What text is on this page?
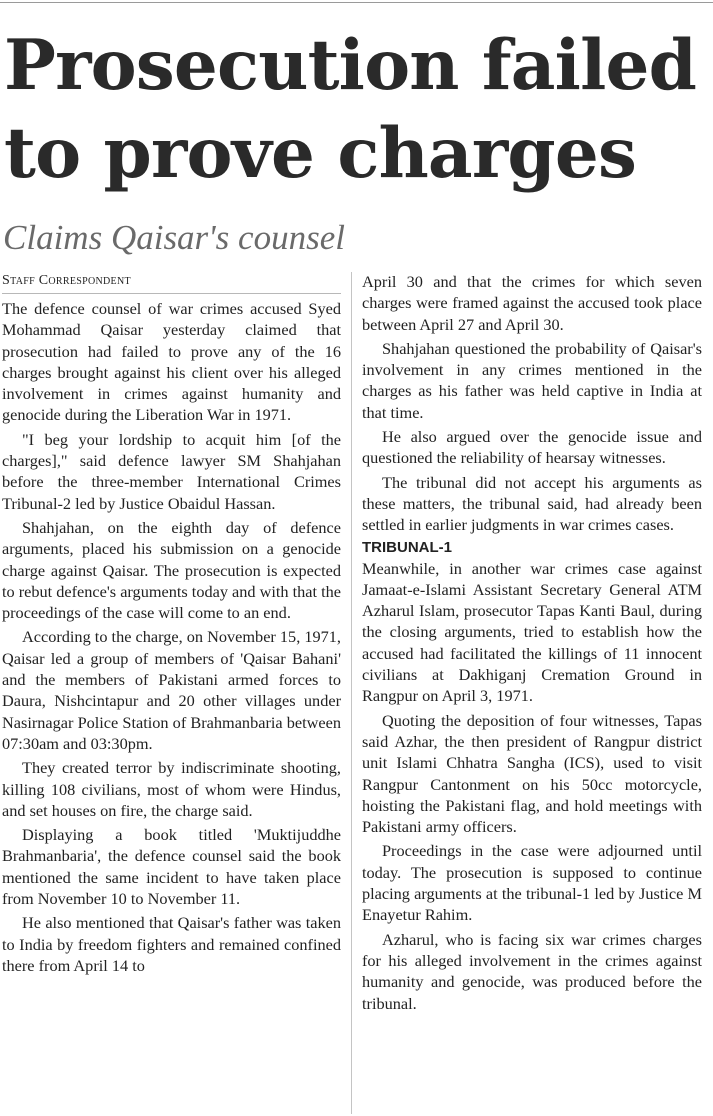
Prosecution failed to prove charges
Claims Qaisar's counsel
Staff Correspondent

The defence counsel of war crimes accused Syed Mohammad Qaisar yesterday claimed that prosecution had failed to prove any of the 16 charges brought against his client over his alleged involvement in crimes against humanity and genocide during the Liberation War in 1971.

"I beg your lordship to acquit him [of the charges]," said defence lawyer SM Shahjahan before the three-member International Crimes Tribunal-2 led by Justice Obaidul Hassan.

Shahjahan, on the eighth day of defence arguments, placed his submission on a genocide charge against Qaisar. The prosecution is expected to rebut defence's arguments today and with that the proceedings of the case will come to an end.

According to the charge, on November 15, 1971, Qaisar led a group of members of 'Qaisar Bahani' and the members of Pakistani armed forces to Daura, Nishcintapur and 20 other villages under Nasirnagar Police Station of Brahmanbaria between 07:30am and 03:30pm.

They created terror by indiscriminate shooting, killing 108 civilians, most of whom were Hindus, and set houses on fire, the charge said.

Displaying a book titled 'Muktijuddhe Brahmanbaria', the defence counsel said the book mentioned the same incident to have taken place from November 10 to November 11.

He also mentioned that Qaisar's father was taken to India by freedom fighters and remained confined there from April 14 to

April 30 and that the crimes for which seven charges were framed against the accused took place between April 27 and April 30.

Shahjahan questioned the probability of Qaisar's involvement in any crimes mentioned in the charges as his father was held captive in India at that time.

He also argued over the genocide issue and questioned the reliability of hearsay witnesses.

The tribunal did not accept his arguments as these matters, the tribunal said, had already been settled in earlier judgments in war crimes cases.

TRIBUNAL-1

Meanwhile, in another war crimes case against Jamaat-e-Islami Assistant Secretary General ATM Azharul Islam, prosecutor Tapas Kanti Baul, during the closing arguments, tried to establish how the accused had facilitated the killings of 11 innocent civilians at Dakhiganj Cremation Ground in Rangpur on April 3, 1971.

Quoting the deposition of four witnesses, Tapas said Azhar, the then president of Rangpur district unit Islami Chhatra Sangha (ICS), used to visit Rangpur Cantonment on his 50cc motorcycle, hoisting the Pakistani flag, and hold meetings with Pakistani army officers.

Proceedings in the case were adjourned until today. The prosecution is supposed to continue placing arguments at the tribunal-1 led by Justice M Enayetur Rahim.

Azharul, who is facing six war crimes charges for his alleged involvement in the crimes against humanity and genocide, was produced before the tribunal.
